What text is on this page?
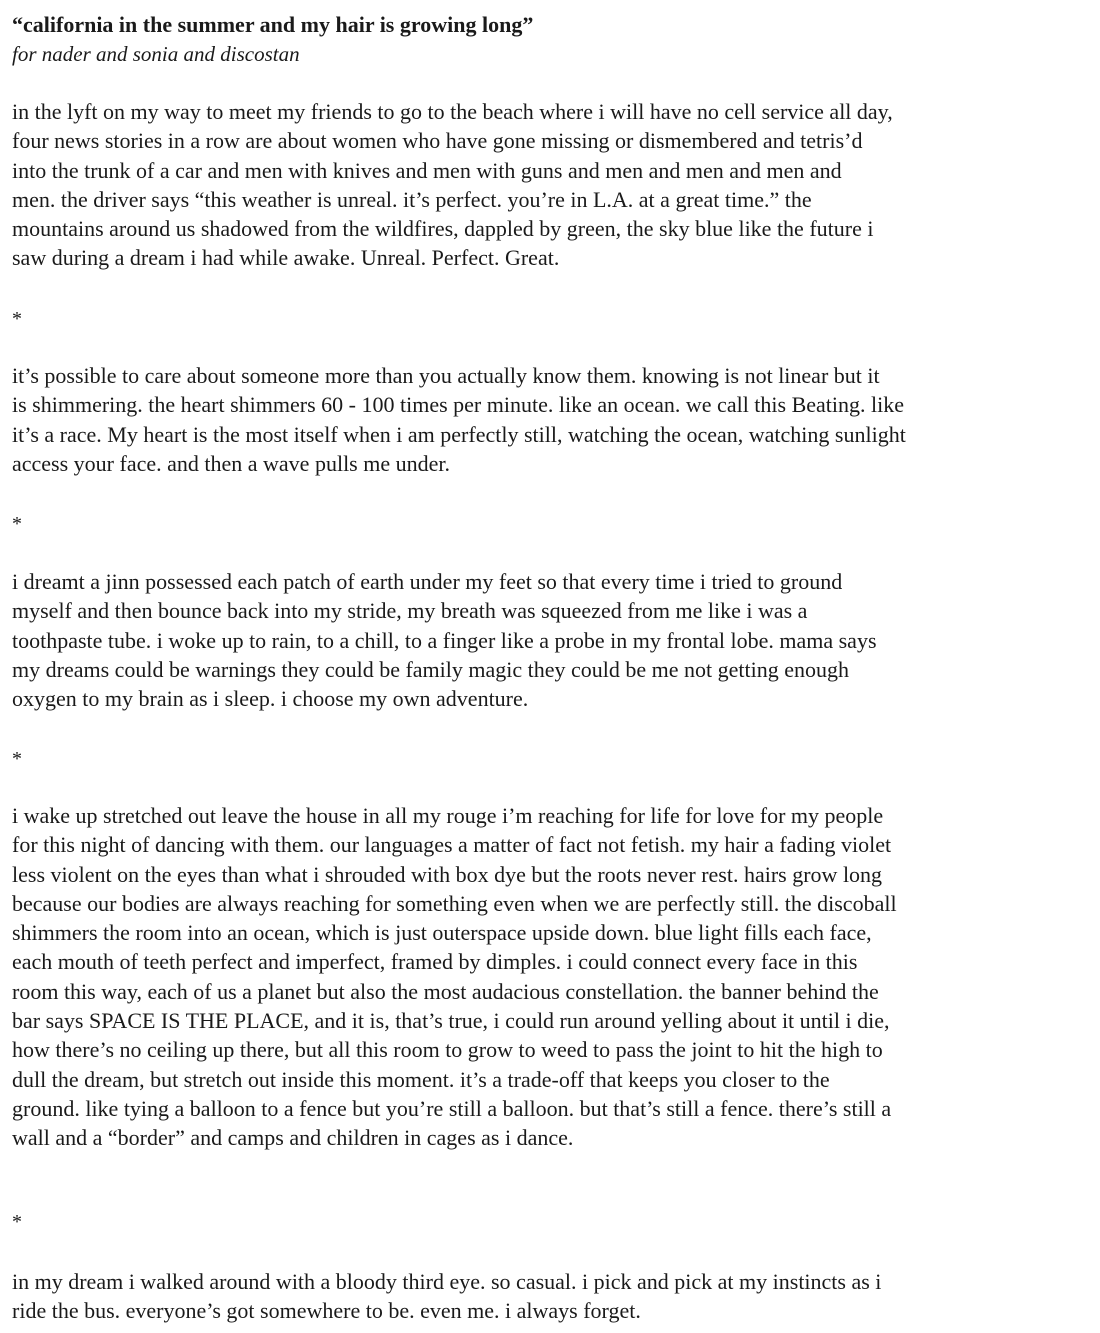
“california in the summer and my hair is growing long”

for nader and sonia and discostan

in the lyft on my way to meet my friends to go to the beach where i will have no cell service all day,
four news stories in a row are about women who have gone missing or dismembered and tetris’d
into the trunk of a car and men with knives and men with guns and men and men and men and
men. the driver says “this weather is unreal. it’s perfect. you’re in L.A. at a great time.” the
mountains around us shadowed from the wildfires, dappled by green, the sky blue like the future i
saw during a dream i had while awake. Unreal. Perfect. Great.
*
it’s possible to care about someone more than you actually know them. knowing is not linear but it
is shimmering. the heart shimmers 60 - 100 times per minute. like an ocean. we call this Beating. like
it’s a race. My heart is the most itself when i am perfectly still, watching the ocean, watching sunlight
access your face. and then a wave pulls me under.
*
i dreamt a jinn possessed each patch of earth under my feet so that every time i tried to ground
myself and then bounce back into my stride, my breath was squeezed from me like i was a
toothpaste tube. i woke up to rain, to a chill, to a finger like a probe in my frontal lobe. mama says
my dreams could be warnings they could be family magic they could be me not getting enough
oxygen to my brain as i sleep. i choose my own adventure.
*
i wake up stretched out leave the house in all my rouge i’m reaching for life for love for my people
for this night of dancing with them. our languages a matter of fact not fetish. my hair a fading violet
less violent on the eyes than what i shrouded with box dye but the roots never rest. hairs grow long
because our bodies are always reaching for something even when we are perfectly still. the discoball
shimmers the room into an ocean, which is just outerspace upside down. blue light fills each face,
each mouth of teeth perfect and imperfect, framed by dimples. i could connect every face in this
room this way, each of us a planet but also the most audacious constellation. the banner behind the
bar says SPACE IS THE PLACE, and it is, that’s true, i could run around yelling about it until i die,
how there’s no ceiling up there, but all this room to grow to weed to pass the joint to hit the high to
dull the dream, but stretch out inside this moment. it’s a trade-off that keeps you closer to the
ground. like tying a balloon to a fence but you’re still a balloon. but that’s still a fence. there’s still a
wall and a “border” and camps and children in cages as i dance.
*
in my dream i walked around with a bloody third eye. so casual. i pick and pick at my instincts as i
ride the bus. everyone’s got somewhere to be. even me. i always forget.
